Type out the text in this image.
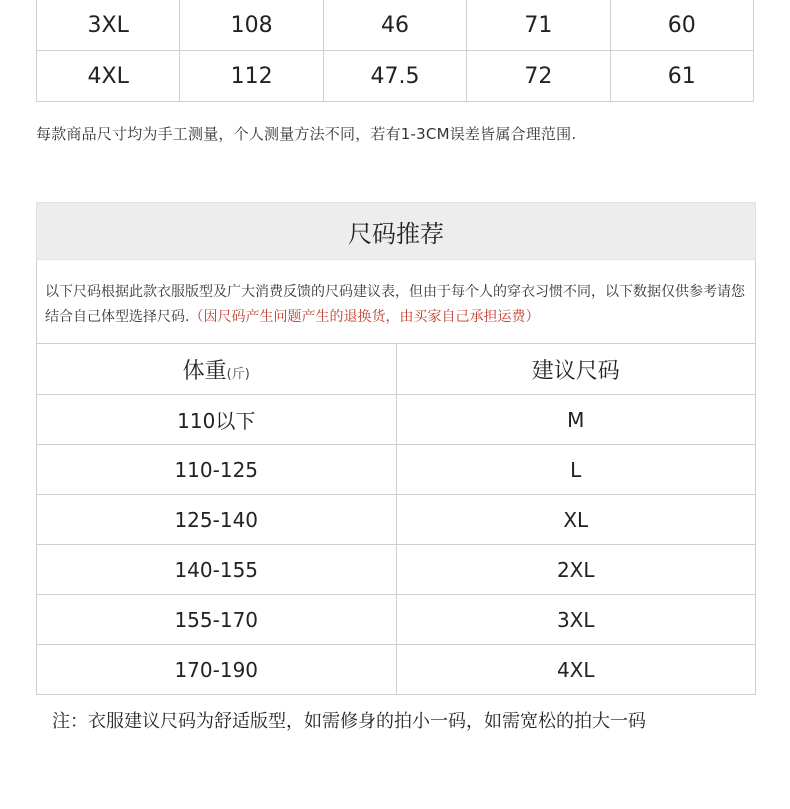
3XL	108	46	71	60
4XL	112	47.5	72	61
每款商品尺寸均为手工测量，个人测量方法不同，若有1-3CM误差皆属合理范围.
尺码推荐
以下尺码根据此款衣服版型及广大消费反馈的尺码建议表，但由于每个人的穿衣习惯不同，以下数据仅供参考请您结合自己体型选择尺码.（因尺码产生问题产生的退换货，由买家自己承担运费）
体重(斤)	建议尺码
110以下	M
110-125	L
125-140	XL
140-155	2XL
155-170	3XL
170-190	4XL
注：衣服建议尺码为舒适版型，如需修身的拍小一码，如需宽松的拍大一码
